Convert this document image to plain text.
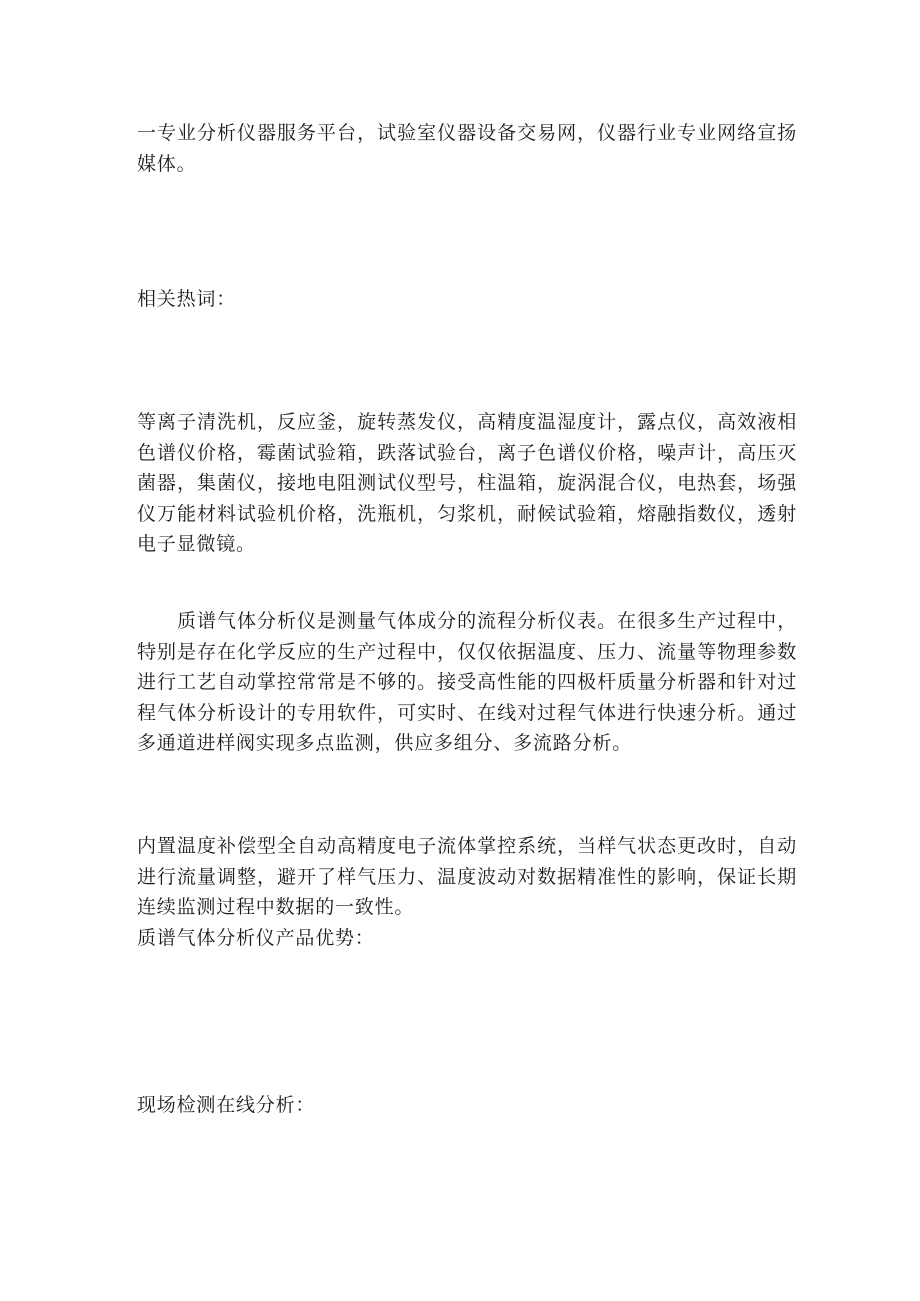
一专业分析仪器服务平台，试验室仪器设备交易网，仪器行业专业网络宣扬媒体。

相关热词：

等离子清洗机，反应釜，旋转蒸发仪，高精度温湿度计，露点仪，高效液相色谱仪价格，霉菌试验箱，跌落试验台，离子色谱仪价格，噪声计，高压灭菌器，集菌仪，接地电阻测试仪型号，柱温箱，旋涡混合仪，电热套，场强仪万能材料试验机价格，洗瓶机，匀浆机，耐候试验箱，熔融指数仪，透射电子显微镜。

质谱气体分析仪是测量气体成分的流程分析仪表。在很多生产过程中，特别是存在化学反应的生产过程中，仅仅依据温度、压力、流量等物理参数进行工艺自动掌控常常是不够的。接受高性能的四极杆质量分析器和针对过程气体分析设计的专用软件，可实时、在线对过程气体进行快速分析。通过多通道进样阀实现多点监测，供应多组分、多流路分析。

内置温度补偿型全自动高精度电子流体掌控系统，当样气状态更改时，自动进行流量调整，避开了样气压力、温度波动对数据精准性的影响，保证长期连续监测过程中数据的一致性。

质谱气体分析仪产品优势：

现场检测在线分析：
